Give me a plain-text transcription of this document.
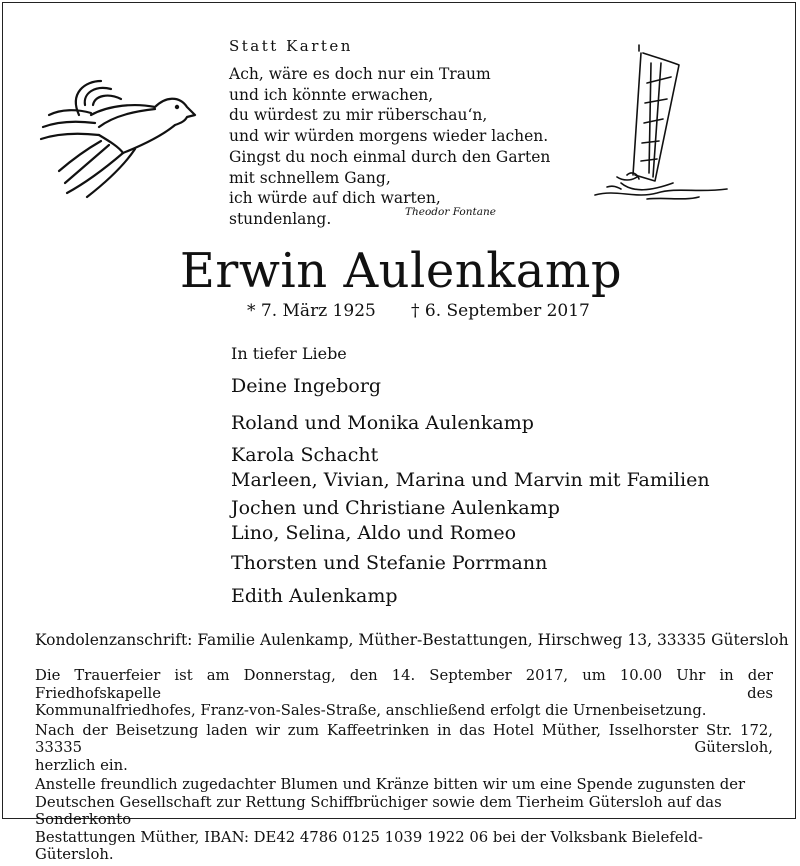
Statt Karten
Ach, wäre es doch nur ein Traum
und ich könnte erwachen,
du würdest zu mir rüberschau‘n,
und wir würden morgens wieder lachen.
Gingst du noch einmal durch den Garten
mit schnellem Gang,
ich würde auf dich warten,
stundenlang.	Theodor Fontane
Erwin Aulenkamp
* 7. März 1925 † 6. September 2017
In tiefer Liebe
Deine Ingeborg
Roland und Monika Aulenkamp
Karola Schacht
Marleen, Vivian, Marina und Marvin mit Familien
Jochen und Christiane Aulenkamp
Lino, Selina, Aldo und Romeo
Thorsten und Stefanie Porrmann
Edith Aulenkamp
Kondolenzanschrift: Familie Aulenkamp, Müther-Bestattungen, Hirschweg 13, 33335 Gütersloh

Die Trauerfeier ist am Donnerstag, den 14. September 2017, um 10.00 Uhr in der Friedhofskapelle des
Kommunalfriedhofes, Franz-von-Sales-Straße, anschließend erfolgt die Urnenbeisetzung.

Nach der Beisetzung laden wir zum Kaffeetrinken in das Hotel Müther, Isselhorster Str. 172, 33335 Gütersloh,
herzlich ein.

Anstelle freundlich zugedachter Blumen und Kränze bitten wir um eine Spende zugunsten der
Deutschen Gesellschaft zur Rettung Schiffbrüchiger sowie dem Tierheim Gütersloh auf das Sonderkonto
Bestattungen Müther, IBAN: DE42 4786 0125 1039 1922 06 bei der Volksbank Bielefeld-Gütersloh.
